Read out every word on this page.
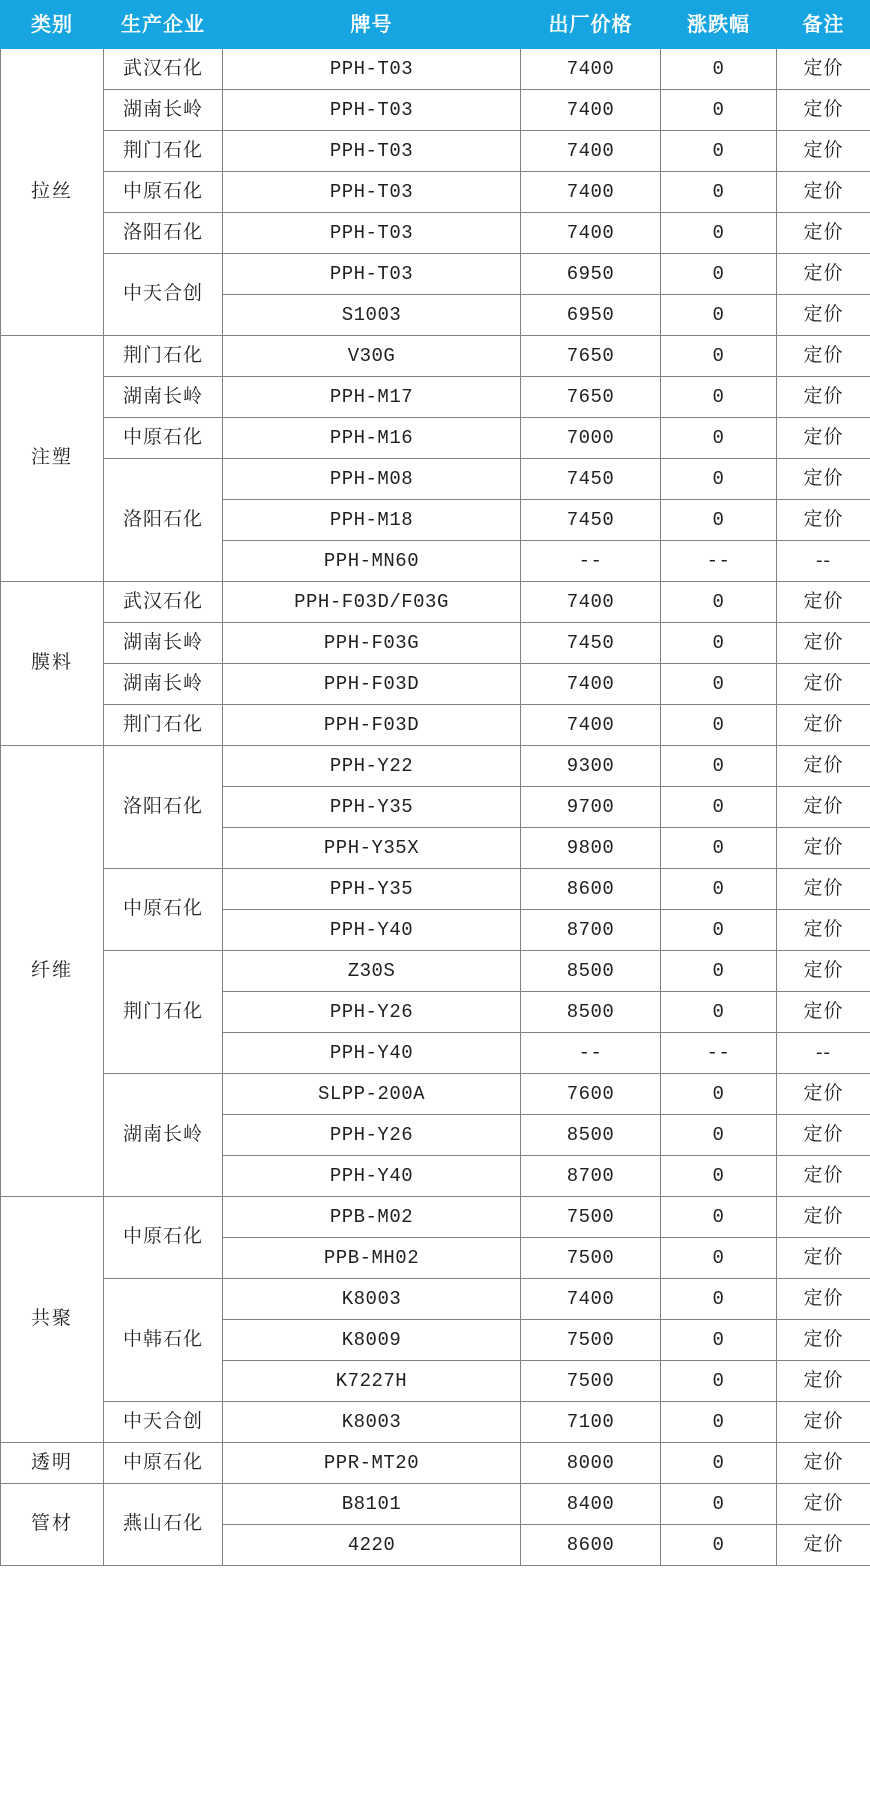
类别	生产企业	牌号	出厂价格	涨跌幅	备注
拉丝	武汉石化	PPH-T03	7400	0	定价
	湖南长岭	PPH-T03	7400	0	定价
	荆门石化	PPH-T03	7400	0	定价
	中原石化	PPH-T03	7400	0	定价
	洛阳石化	PPH-T03	7400	0	定价
	中天合创	PPH-T03	6950	0	定价
		S1003	6950	0	定价
注塑	荆门石化	V30G	7650	0	定价
	湖南长岭	PPH-M17	7650	0	定价
	中原石化	PPH-M16	7000	0	定价
	洛阳石化	PPH-M08	7450	0	定价
		PPH-M18	7450	0	定价
		PPH-MN60	--	--	--
膜料	武汉石化	PPH-F03D/F03G	7400	0	定价
	湖南长岭	PPH-F03G	7450	0	定价
	湖南长岭	PPH-F03D	7400	0	定价
	荆门石化	PPH-F03D	7400	0	定价
纤维	洛阳石化	PPH-Y22	9300	0	定价
		PPH-Y35	9700	0	定价
		PPH-Y35X	9800	0	定价
	中原石化	PPH-Y35	8600	0	定价
		PPH-Y40	8700	0	定价
	荆门石化	Z30S	8500	0	定价
		PPH-Y26	8500	0	定价
		PPH-Y40	--	--	--
	湖南长岭	SLPP-200A	7600	0	定价
		PPH-Y26	8500	0	定价
		PPH-Y40	8700	0	定价
共聚	中原石化	PPB-M02	7500	0	定价
		PPB-MH02	7500	0	定价
	中韩石化	K8003	7400	0	定价
		K8009	7500	0	定价
		K7227H	7500	0	定价
	中天合创	K8003	7100	0	定价
透明	中原石化	PPR-MT20	8000	0	定价
管材	燕山石化	B8101	8400	0	定价
		4220	8600	0	定价
